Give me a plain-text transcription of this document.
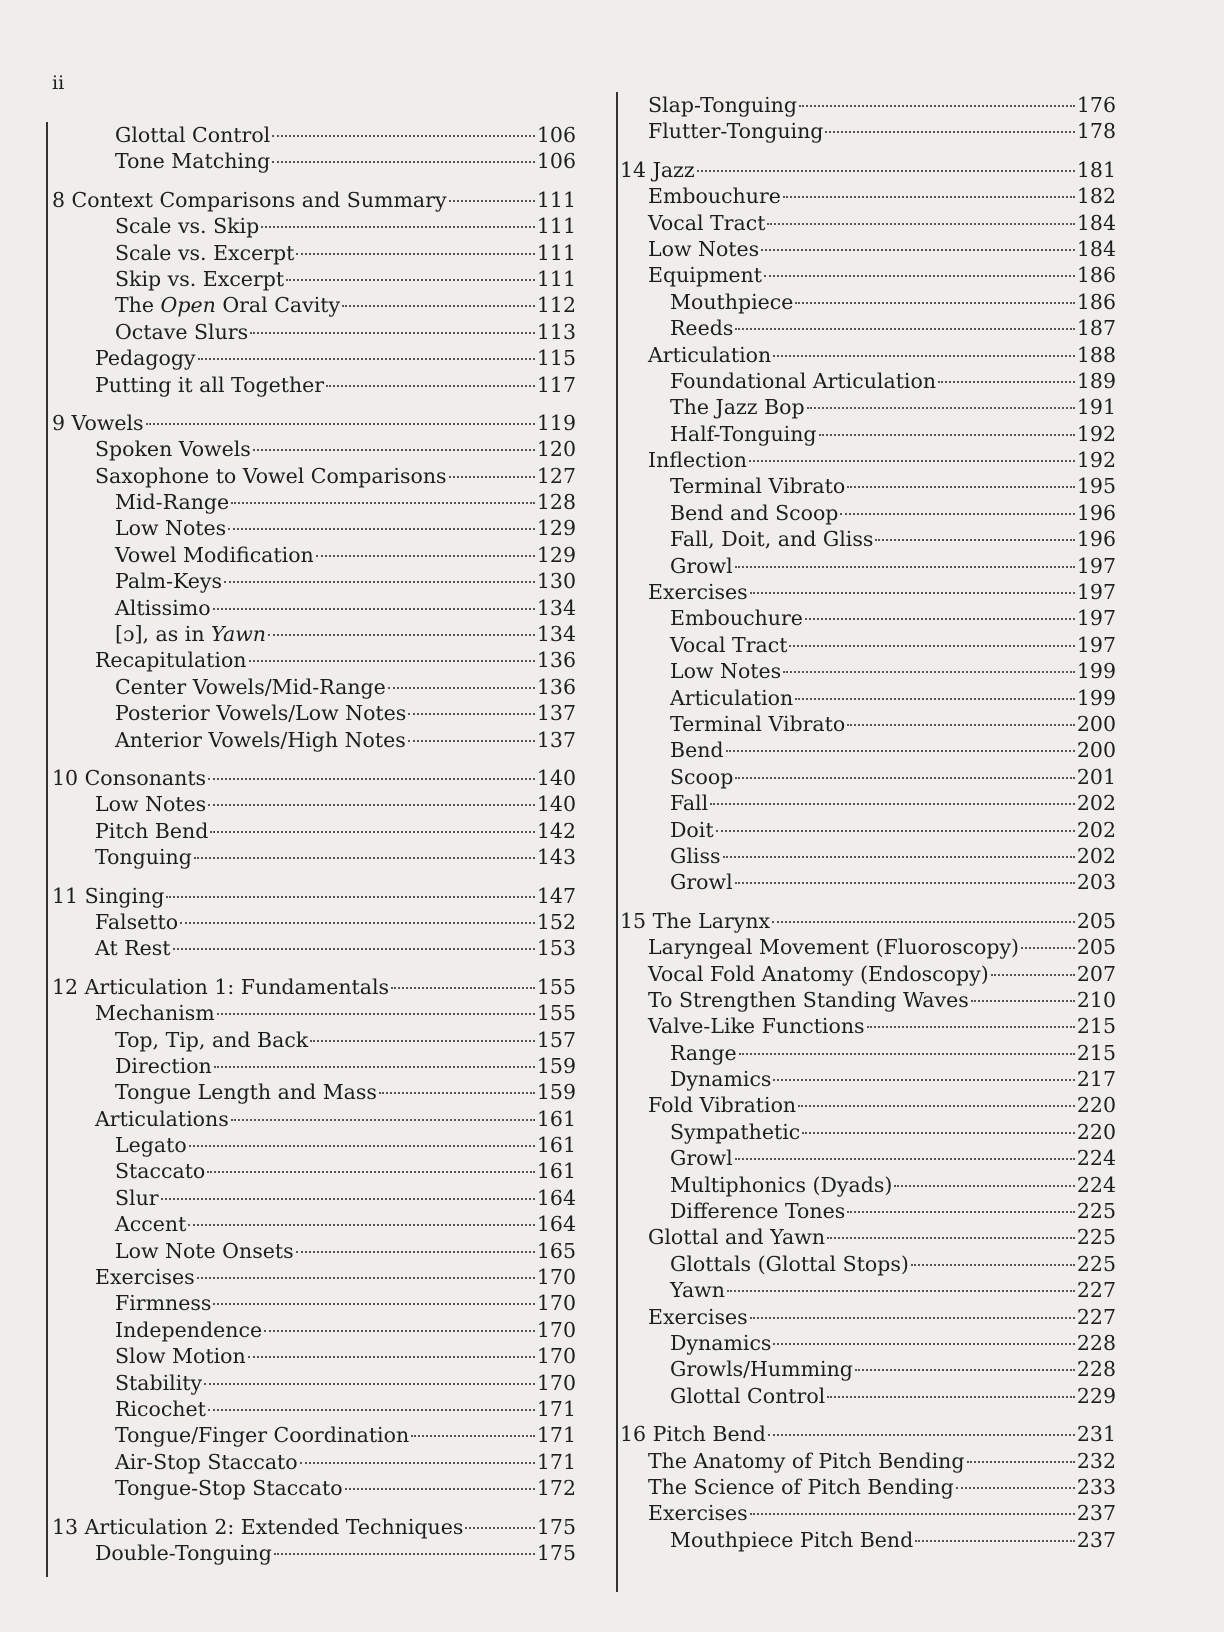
ii
Glottal Control	106
Tone Matching	106
8 Context Comparisons and Summary	111
Scale vs. Skip	111
Scale vs. Excerpt	111
Skip vs. Excerpt	111
The Open Oral Cavity	112
Octave Slurs	113
Pedagogy	115
Putting it all Together	117
9 Vowels	119
Spoken Vowels	120
Saxophone to Vowel Comparisons	127
Mid-Range	128
Low Notes	129
Vowel Modification	129
Palm-Keys	130
Altissimo	134
[ɔ], as in Yawn	134
Recapitulation	136
Center Vowels/Mid-Range	136
Posterior Vowels/Low Notes	137
Anterior Vowels/High Notes	137
10 Consonants	140
Low Notes	140
Pitch Bend	142
Tonguing	143
11 Singing	147
Falsetto	152
At Rest	153
12 Articulation 1: Fundamentals	155
Mechanism	155
Top, Tip, and Back	157
Direction	159
Tongue Length and Mass	159
Articulations	161
Legato	161
Staccato	161
Slur	164
Accent	164
Low Note Onsets	165
Exercises	170
Firmness	170
Independence	170
Slow Motion	170
Stability	170
Ricochet	171
Tongue/Finger Coordination	171
Air-Stop Staccato	171
Tongue-Stop Staccato	172
13 Articulation 2: Extended Techniques	175
Double-Tonguing	175
Slap-Tonguing	176
Flutter-Tonguing	178
14 Jazz	181
Embouchure	182
Vocal Tract	184
Low Notes	184
Equipment	186
Mouthpiece	186
Reeds	187
Articulation	188
Foundational Articulation	189
The Jazz Bop	191
Half-Tonguing	192
Inflection	192
Terminal Vibrato	195
Bend and Scoop	196
Fall, Doit, and Gliss	196
Growl	197
Exercises	197
Embouchure	197
Vocal Tract	197
Low Notes	199
Articulation	199
Terminal Vibrato	200
Bend	200
Scoop	201
Fall	202
Doit	202
Gliss	202
Growl	203
15 The Larynx	205
Laryngeal Movement (Fluoroscopy)	205
Vocal Fold Anatomy (Endoscopy)	207
To Strengthen Standing Waves	210
Valve-Like Functions	215
Range	215
Dynamics	217
Fold Vibration	220
Sympathetic	220
Growl	224
Multiphonics (Dyads)	224
Difference Tones	225
Glottal and Yawn	225
Glottals (Glottal Stops)	225
Yawn	227
Exercises	227
Dynamics	228
Growls/Humming	228
Glottal Control	229
16 Pitch Bend	231
The Anatomy of Pitch Bending	232
The Science of Pitch Bending	233
Exercises	237
Mouthpiece Pitch Bend	237
